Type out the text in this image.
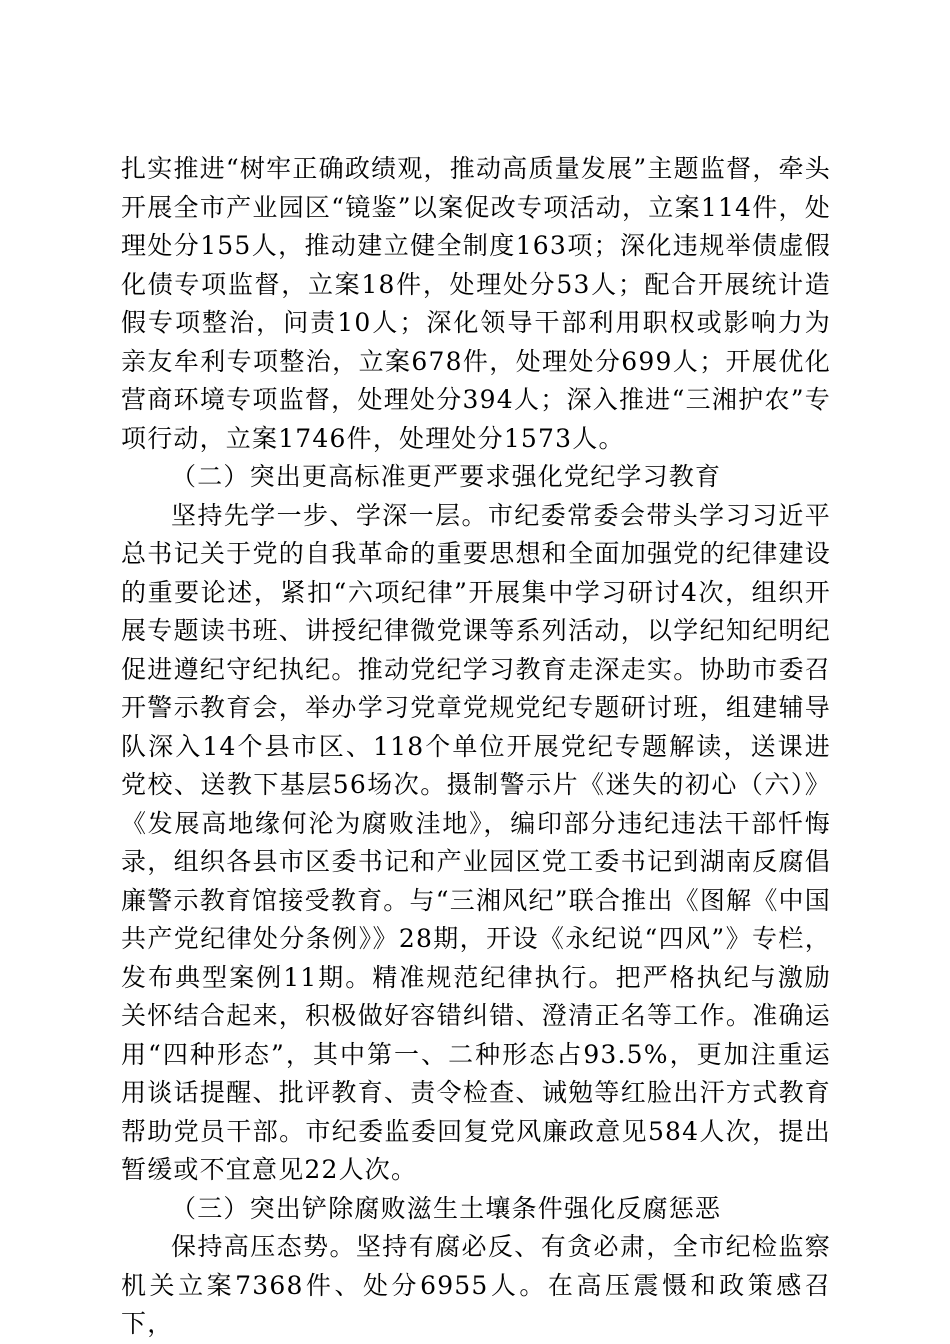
扎实推进“树牢正确政绩观，推动高质量发展”主题监督，牵头开展全市产业园区“镜鉴”以案促改专项活动，立案114件，处理处分155人，推动建立健全制度163项；深化违规举债虚假化债专项监督，立案18件，处理处分53人；配合开展统计造假专项整治，问责10人；深化领导干部利用职权或影响力为亲友牟利专项整治，立案678件，处理处分699人；开展优化营商环境专项监督，处理处分394人；深入推进“三湘护农”专项行动，立案1746件，处理处分1573人。

（二）突出更高标准更严要求强化党纪学习教育

坚持先学一步、学深一层。市纪委常委会带头学习习近平总书记关于党的自我革命的重要思想和全面加强党的纪律建设的重要论述，紧扣“六项纪律”开展集中学习研讨4次，组织开展专题读书班、讲授纪律微党课等系列活动，以学纪知纪明纪促进遵纪守纪执纪。推动党纪学习教育走深走实。协助市委召开警示教育会，举办学习党章党规党纪专题研讨班，组建辅导队深入14个县市区、118个单位开展党纪专题解读，送课进党校、送教下基层56场次。摄制警示片《迷失的初心（六）》《发展高地缘何沦为腐败洼地》，编印部分违纪违法干部忏悔录，组织各县市区委书记和产业园区党工委书记到湖南反腐倡廉警示教育馆接受教育。与“三湘风纪”联合推出《图解《中国共产党纪律处分条例》》28期，开设《永纪说“四风”》专栏，发布典型案例11期。精准规范纪律执行。把严格执纪与激励关怀结合起来，积极做好容错纠错、澄清正名等工作。准确运用“四种形态”，其中第一、二种形态占93.5%，更加注重运用谈话提醒、批评教育、责令检查、诫勉等红脸出汗方式教育帮助党员干部。市纪委监委回复党风廉政意见584人次，提出暂缓或不宜意见22人次。

（三）突出铲除腐败滋生土壤条件强化反腐惩恶

保持高压态势。坚持有腐必反、有贪必肃，全市纪检监察机关立案7368件、处分6955人。在高压震慑和政策感召下，
